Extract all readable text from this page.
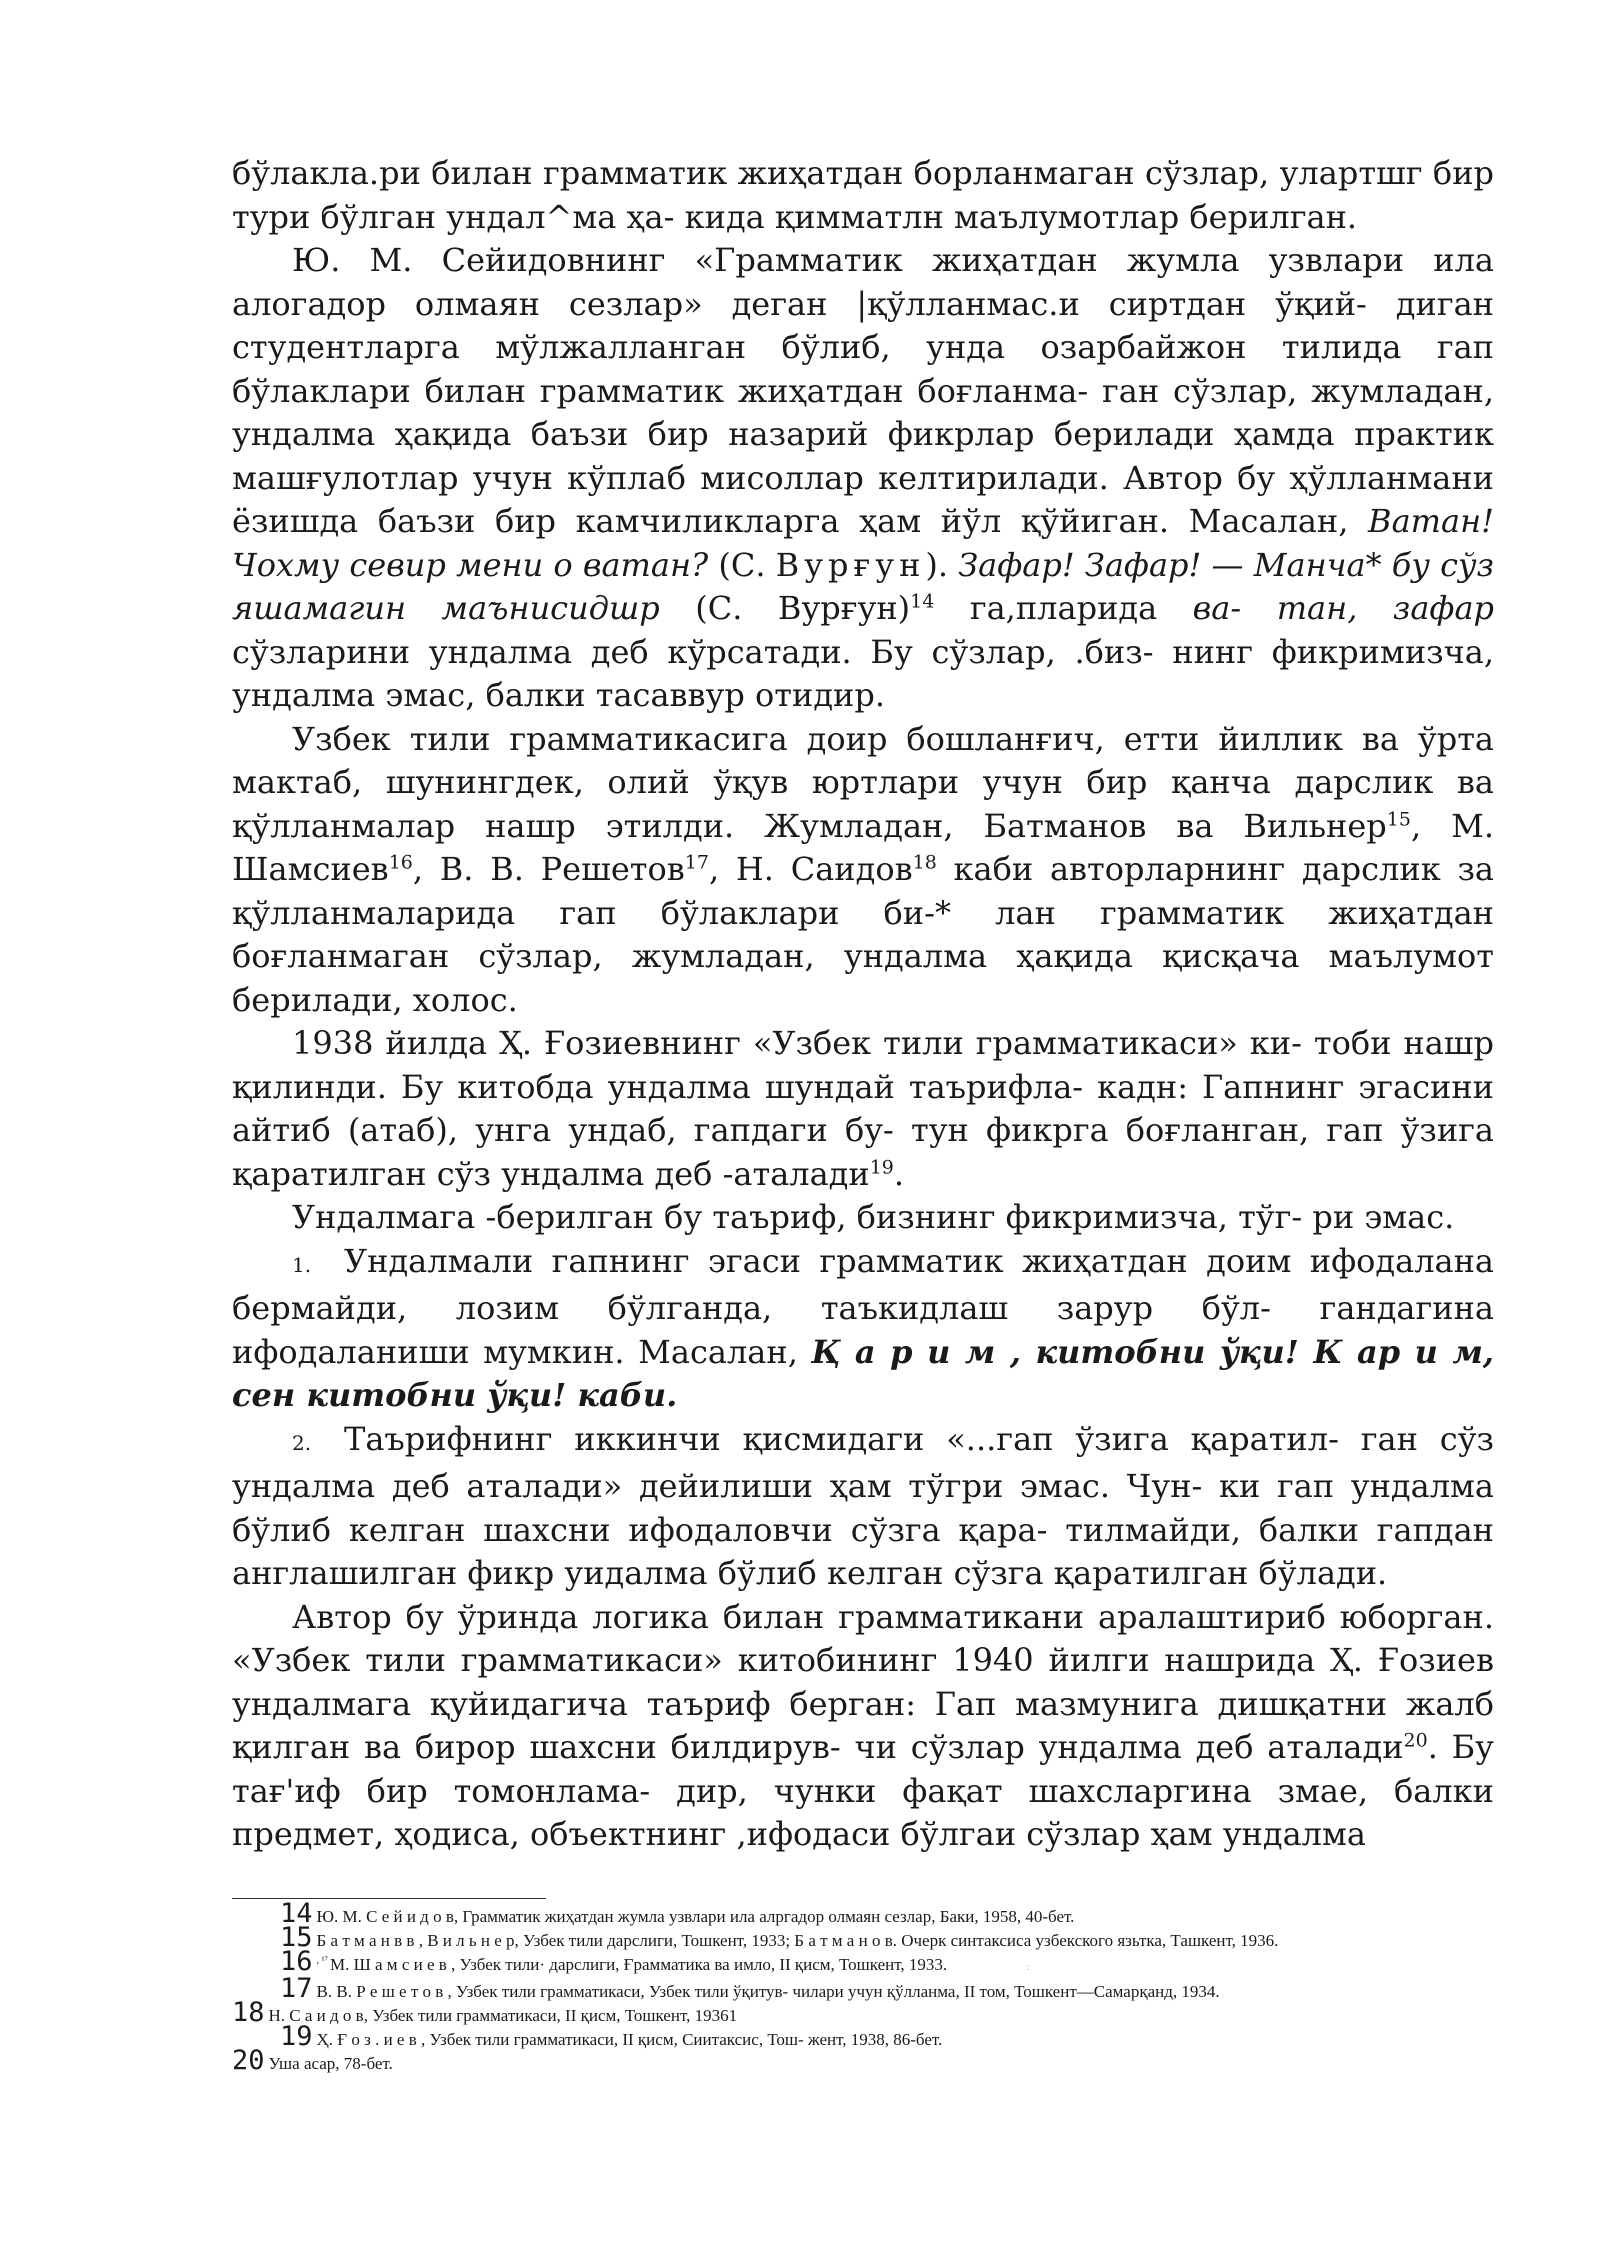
бўлакла.ри билан грамматик жиҳатдан борланмаган сўзлар, улартшг бир тури бўлган ундал^ма ҳа- кида қимматлн маълумотлар берилган.

Ю. М. Сейидовнинг «Грамматик жиҳатдан жумла узвлари ила алогадор олмаян сезлар» деган |қўлланмас.и сиртдан ўқий- диган студентларга мўлжалланган бўлиб, унда озарбайжон тилида гап бўлаклари билан грамматик жиҳатдан боғланма- ган сўзлар, жумладан, ундалма ҳақида баъзи бир назарий фикрлар берилади ҳамда практик машғулотлар учун кўплаб мисоллар келтирилади. Автор бу ҳўлланмани ёзишда баъзи бир камчиликларга ҳам йўл қўйиган. Масалан, Ватан! Чохму севир мени о ватан? (С. Вурғун). Зафар! Зафар! — Манча* бу сўз яшамагин маънисидшр (С. Вурғун)$^{14}$ га,пларида ва- тан, зафар сўзларини ундалма деб кўрсатади. Бу сўзлар, .биз- нинг фикримизча, ундалма эмас, балки тасаввур отидир.

Узбек тили грамматикасига доир бошланғич, етти йиллик ва ўрта мактаб, шунингдек, олий ўқув юртлари учун бир қанча дарслик ва қўлланмалар нашр этилди. Жумладан, Батманов ва Вильнер$^{15}$, М. Шамсиев$^{16}$, В. В. Решетов$^{17}$, Н. Саидов$^{18}$ каби авторларнинг дарслик за қўлланмаларида гап бўлаклари би-* лан грамматик жиҳатдан боғланмаган сўзлар, жумладан, ундалма ҳақида қисқача маълумот берилади, холос.

1938 йилда Ҳ. Ғозиевнинг «Узбек тили грамматикаси» ки- тоби нашр қилинди. Бу китобда ундалма шундай таърифла- кадн: Гапнинг эгасини айтиб (атаб), унга ундаб, гапдаги бу- тун фикрга боғланган, гап ўзига қаратилган сўз ундалма деб -аталади$^{19}$.

Ундалмага -берилган бу таъриф, бизнинг фикримизча, тўг- ри эмас.

1. Ундалмали гапнинг эгаси грамматик жиҳатдан доим ифодалана бермайди, лозим бўлганда, таъкидлаш зарур бўл- гандагина ифодаланиши мумкин. Масалан, Қ а р и м , китобни ўқи! К ар и м, сен китобни ўқи! каби.

2. Таърифнинг иккинчи қисмидаги «...гап ўзига қаратил- ган сўз ундалма деб аталади» дейилиши ҳам тўгри эмас. Чун- ки гап ундалма бўлиб келган шахсни ифодаловчи сўзга қара- тилмайди, балки гапдан англашилган фикр уидалма бўлиб келган сўзга қаратилган бўлади.

Автор бу ўринда логика билан грамматикани аралаштириб юборган. «Узбек тили грамматикаси» китобининг 1940 йилги нашрида Ҳ. Ғозиев ундалмага қуйидагича таъриф берган: Гап мазмунига дишқатни жалб қилган ва бирор шахсни билдирув- чи сўзлар ундалма деб аталади$^{20}$. Бу тағ'иф бир томонлама- дир, чунки фақат шахсларгина змае, балки предмет, ҳодиса, объектнинг ,ифодаси бўлгаи сўзлар ҳам ундалма

14 Ю. М. С е й и д о в, Грамматик жиҳатдан жумла узвлари ила алргадор олмаян сезлар, Баки, 1958, 40-бет.

15 Б а т м а н в в , В и л ь н е р, Узбек тили дарслиги, Тошкент, 1933; Б а т м а н о в. Очерк синтаксиса узбекского язьтка, Ташкент, 1936.

16 $^{, ^{17}}$ М. Ш а м с и е в , Узбек тили· дарслиги, Ғрамматика ва имло, II қисм, Тошкент, 1933.	:

17 В. В. Р е ш е т о в , Узбек тили грамматикаси, Узбек тили ўқитув- чилари учун қўлланма, II том, Тошкент—Самарқанд, 1934.

18 Н. С а и д о в, Узбек тили грамматикаси, II қисм, Тошкент, 19361

19 Ҳ. Ғ о з . и е в , Узбек тили грамматикаси, II қисм, Сиитаксис, Тош- жент, 1938, 86-бет.

20 Уша асар, 78-бет.
